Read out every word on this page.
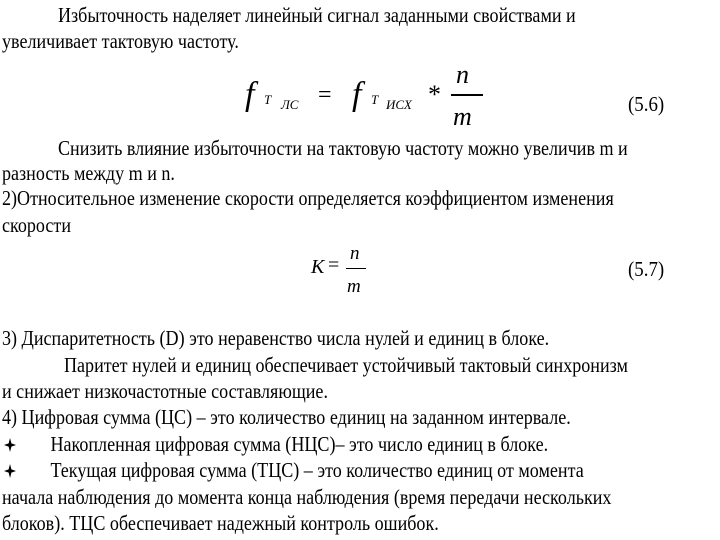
Избыточность наделяет линейный сигнал заданными свойствами и
увеличивает тактовую частоту.
f Т ЛС = f Т ИСХ *
n
m	(5.6)
Снизить влияние избыточности на тактовую частоту можно увеличив m и
разность между m и n.
2)Относительное изменение скорости определяется коэффициентом изменения
скорости
K =
n
m
(5.7)
3) Диспаритетность (D) это неравенство числа нулей и единиц в блоке.
Паритет нулей и единиц обеспечивает устойчивый тактовый синхронизм
и снижает низкочастотные составляющие.
4) Цифровая сумма (ЦС) – это количество единиц на заданном интервале.
Накопленная цифровая сумма (НЦС)– это число единиц в блоке.
Текущая цифровая сумма (ТЦС) – это количество единиц от момента
начала наблюдения до момента конца наблюдения (время передачи нескольких
блоков). ТЦС обеспечивает надежный контроль ошибок.
